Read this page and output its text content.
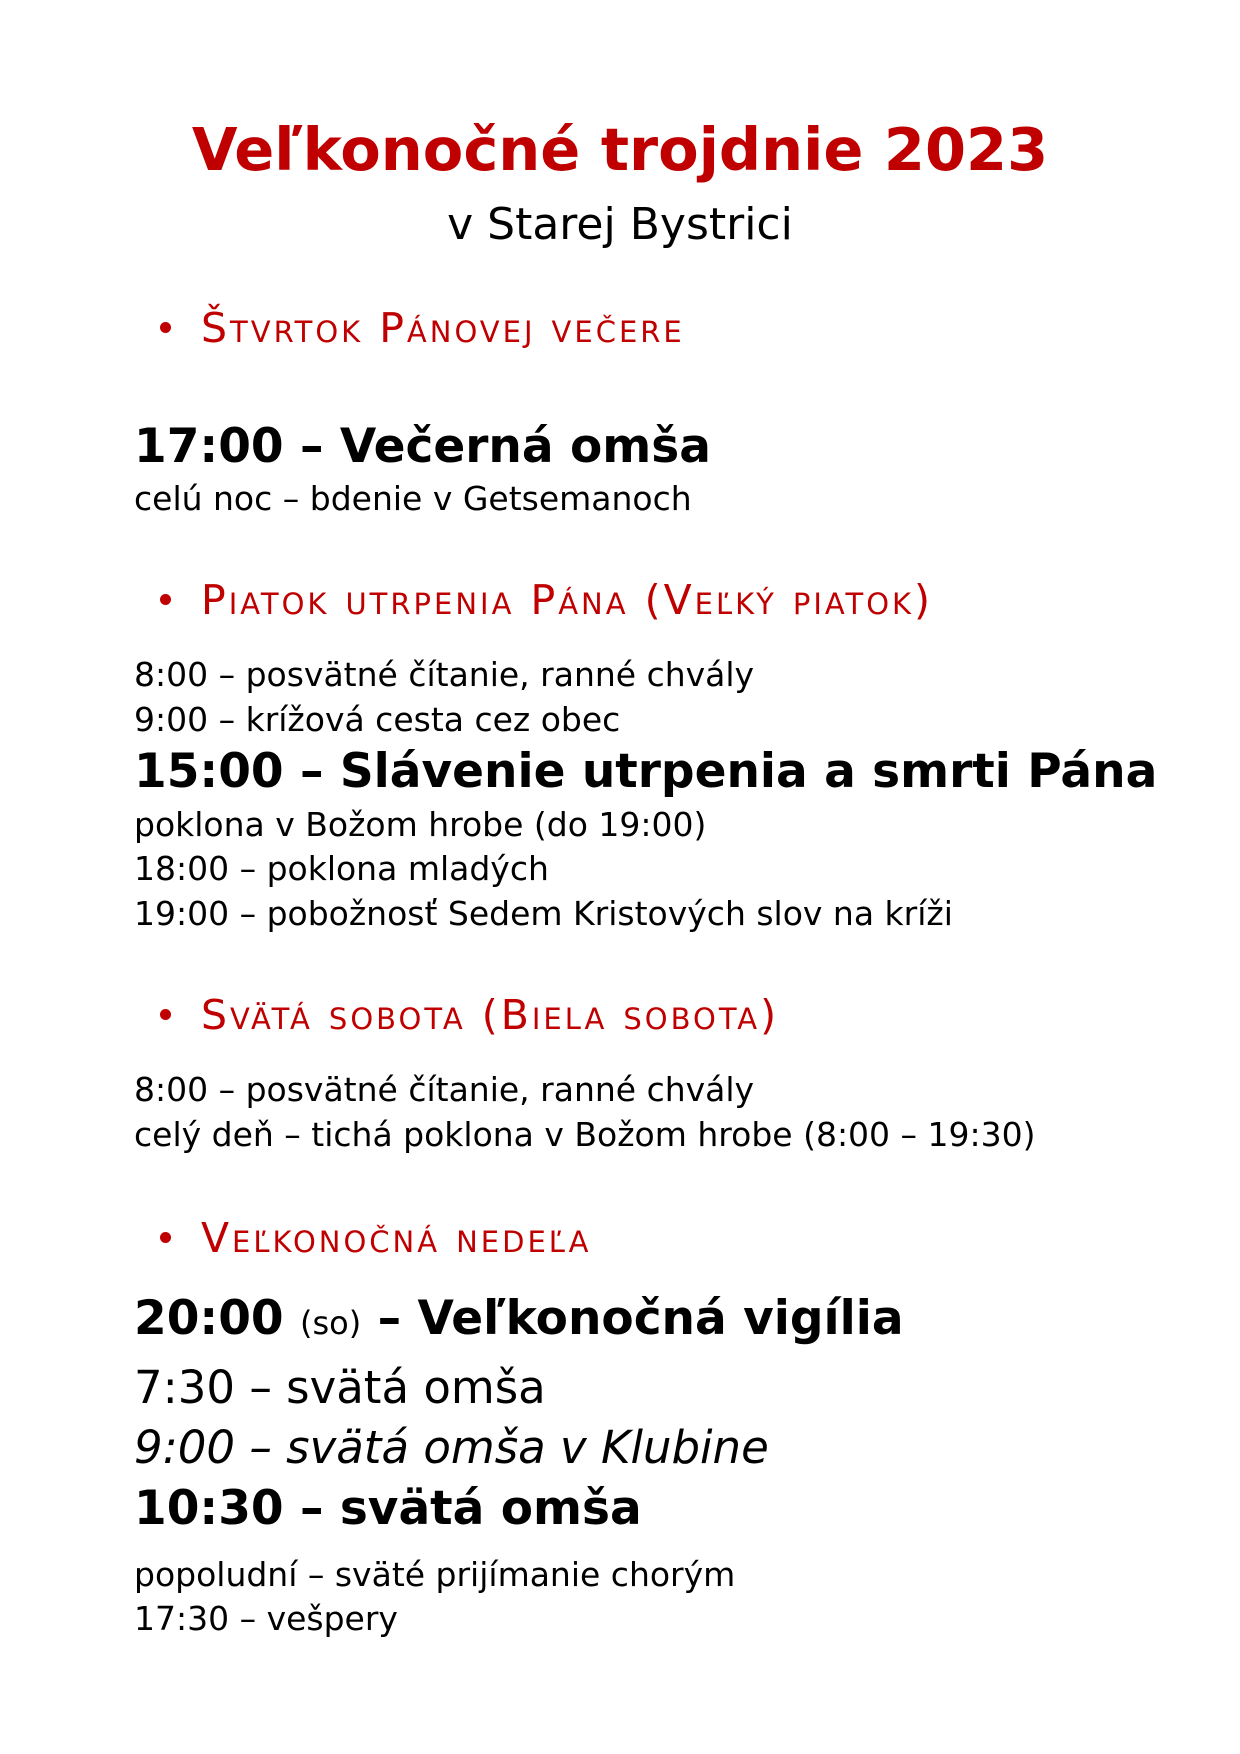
Veľkonočné trojdnie 2023
v Starej Bystrici
Štvrtok Pánovej večere
17:00 – Večerná omša
celú noc – bdenie v Getsemanoch
Piatok utrpenia Pána (Veľký piatok)
8:00 – posvätné čítanie, ranné chvály
9:00 – krížová cesta cez obec
15:00 – Slávenie utrpenia a smrti Pána
poklona v Božom hrobe (do 19:00)
18:00 – poklona mladých
19:00 – pobožnosť Sedem Kristových slov na kríži
Svätá sobota (Biela sobota)
8:00 – posvätné čítanie, ranné chvály
celý deň – tichá poklona v Božom hrobe (8:00 – 19:30)
Veľkonočná nedeľa
20:00 (so) – Veľkonočná vigília
7:30 – svätá omša
9:00 – svätá omša v Klubine
10:30 – svätá omša
popoludní – sväté prijímanie chorým
17:30 – vešpery
